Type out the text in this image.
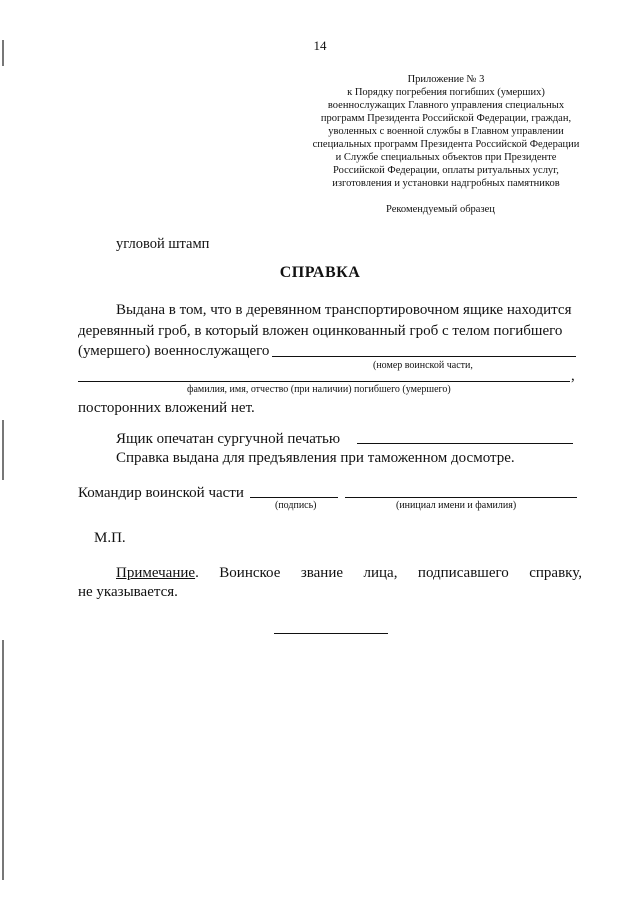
14
Приложение № 3
к Порядку погребения погибших (умерших)
военнослужащих Главного управления специальных
программ Президента Российской Федерации, граждан,
уволенных с военной службы в Главном управлении
специальных программ Президента Российской Федерации
и Службе специальных объектов при Президенте
Российской Федерации, оплаты ритуальных услуг,
изготовления и установки надгробных памятников
Рекомендуемый образец
угловой штамп
СПРАВКА
Выдана в том, что в деревянном транспортировочном ящике находится
деревянный гроб, в который вложен оцинкованный гроб с телом погибшего
(умершего) военнослужащего
(номер воинской части,
,
фамилия, имя, отчество (при наличии) погибшего (умершего)
посторонних вложений нет.
Ящик опечатан сургучной печатью
Справка выдана для предъявления при таможенном досмотре.
Командир воинской части
(подпись)	(инициал имени и фамилия)
М.П.
Примечание. Воинское звание лица, подписавшего справку,
не указывается.
